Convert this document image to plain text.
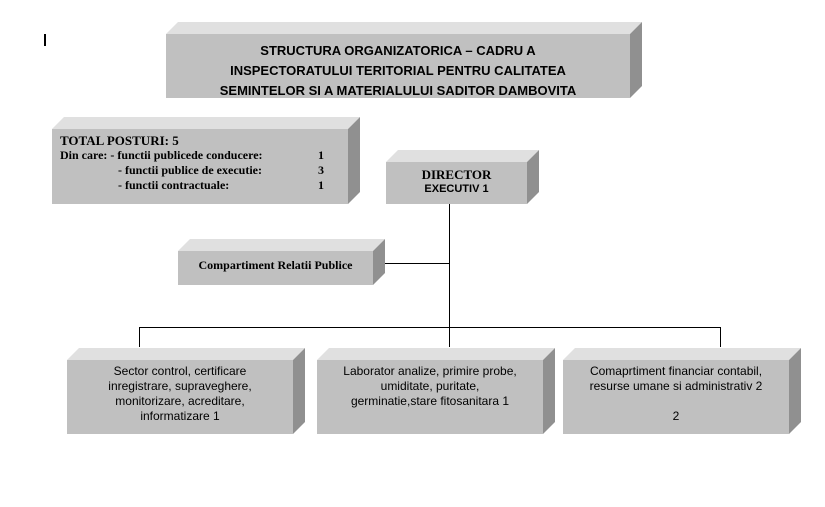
STRUCTURA ORGANIZATORICA – CADRU A
INSPECTORATULUI TERITORIAL PENTRU CALITATEA
SEMINTELOR SI A MATERIALULUI SADITOR DAMBOVITA
TOTAL POSTURI: 5
Din care: - functii publicede conducere:	1
- functii publice de executie:	3
- functii contractuale:	1
DIRECTOR
EXECUTIV 1
Compartiment Relatii Publice
Sector control, certificare
inregistrare, supraveghere,
monitorizare, acreditare,
informatizare 1
Laborator analize, primire probe,
umiditate, puritate,
germinatie,stare fitosanitara 1
Comaprtiment financiar contabil,
resurse umane si administrativ 2
2
